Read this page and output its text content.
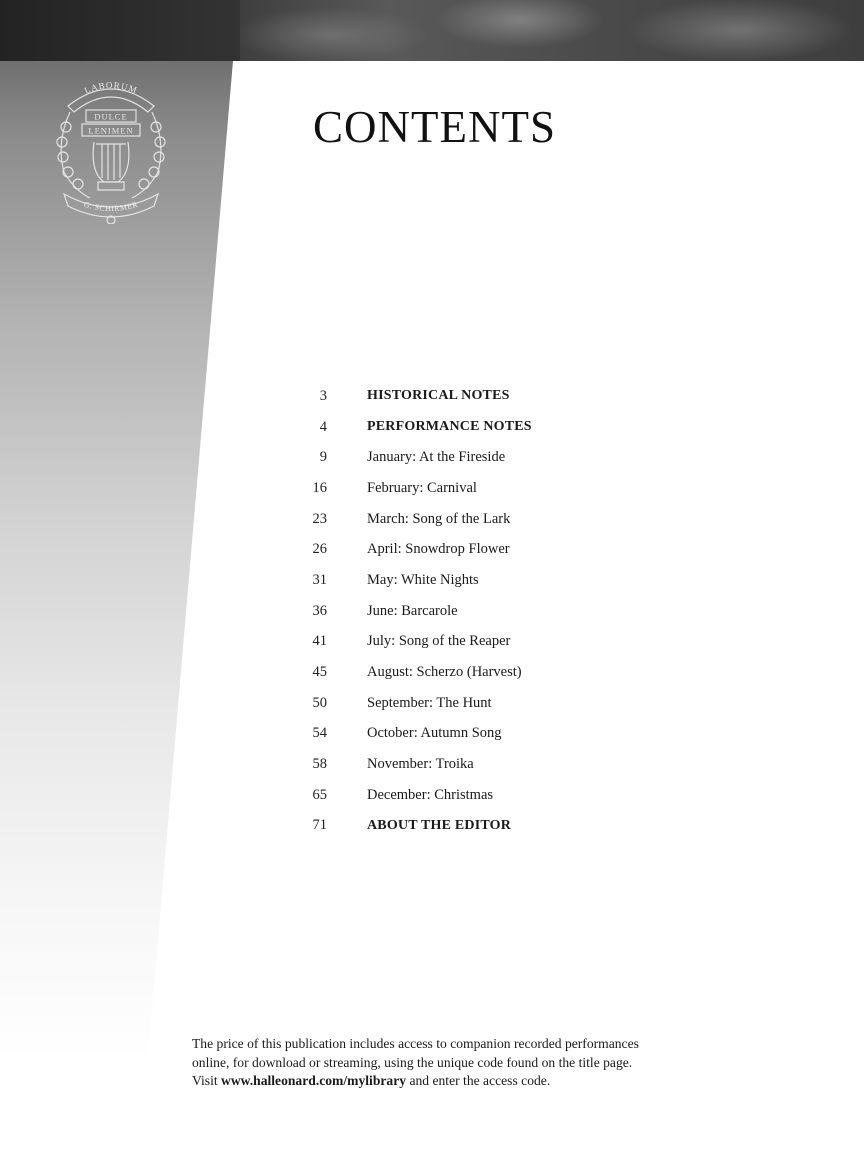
LABORUM
DULCE
LENIMEN
G. SCHIRMER
CONTENTS
3	HISTORICAL NOTES
4	PERFORMANCE NOTES
9	January: At the Fireside
16	February: Carnival
23	March: Song of the Lark
26	April: Snowdrop Flower
31	May: White Nights
36	June: Barcarole
41	July: Song of the Reaper
45	August: Scherzo (Harvest)
50	September: The Hunt
54	October: Autumn Song
58	November: Troika
65	December: Christmas
71	ABOUT THE EDITOR

The price of this publication includes access to companion recorded performances

online, for download or streaming, using the unique code found on the title page.

Visit www.halleonard.com/mylibrary and enter the access code.
